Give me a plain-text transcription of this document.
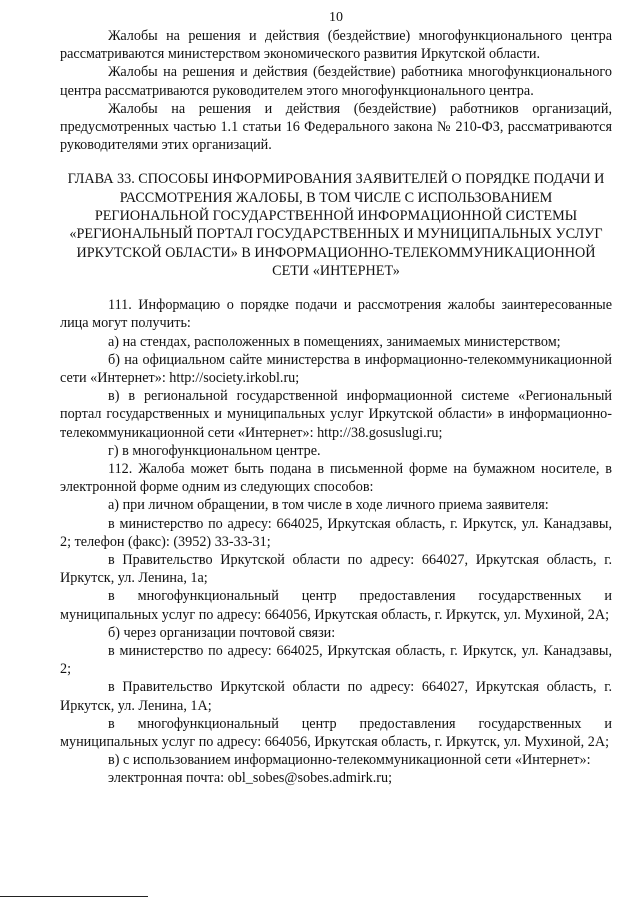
10

Жалобы на решения и действия (бездействие) многофункционального центра рассматриваются министерством экономического развития Иркутской области.

Жалобы на решения и действия (бездействие) работника многофункционального центра рассматриваются руководителем этого многофункционального центра.

Жалобы на решения и действия (бездействие) работников организаций, предусмотренных частью 1.1 статьи 16 Федерального закона № 210-ФЗ, рассматриваются руководителями этих организаций.

ГЛАВА 33. СПОСОБЫ ИНФОРМИРОВАНИЯ ЗАЯВИТЕЛЕЙ О ПОРЯДКЕ ПОДАЧИ И РАССМОТРЕНИЯ ЖАЛОБЫ, В ТОМ ЧИСЛЕ С ИСПОЛЬЗОВАНИЕМ РЕГИОНАЛЬНОЙ ГОСУДАРСТВЕННОЙ ИНФОРМАЦИОННОЙ СИСТЕМЫ «РЕГИОНАЛЬНЫЙ ПОРТАЛ ГОСУДАРСТВЕННЫХ И МУНИЦИПАЛЬНЫХ УСЛУГ ИРКУТСКОЙ ОБЛАСТИ» В ИНФОРМАЦИОННО-ТЕЛЕКОММУНИКАЦИОННОЙ СЕТИ «ИНТЕРНЕТ»

111. Информацию о порядке подачи и рассмотрения жалобы заинтересованные лица могут получить:

а) на стендах, расположенных в помещениях, занимаемых министерством;

б) на официальном сайте министерства в информационно-телекоммуникационной сети «Интернет»: http://society.irkobl.ru;

в) в региональной государственной информационной системе «Региональный портал государственных и муниципальных услуг Иркутской области» в информационно-телекоммуникационной сети «Интернет»: http://38.gosuslugi.ru;

г) в многофункциональном центре.

112. Жалоба может быть подана в письменной форме на бумажном носителе, в электронной форме одним из следующих способов:

а) при личном обращении, в том числе в ходе личного приема заявителя:

в министерство по адресу: 664025, Иркутская область, г. Иркутск, ул. Канадзавы, 2; телефон (факс): (3952) 33-33-31;

в Правительство Иркутской области по адресу: 664027, Иркутская область, г. Иркутск, ул. Ленина, 1а;

в многофункциональный центр предоставления государственных и муниципальных услуг по адресу: 664056, Иркутская область, г. Иркутск, ул. Мухиной, 2А;

б) через организации почтовой связи:

в министерство по адресу: 664025, Иркутская область, г. Иркутск, ул. Канадзавы, 2;

в Правительство Иркутской области по адресу: 664027, Иркутская область, г. Иркутск, ул. Ленина, 1А;

в многофункциональный центр предоставления государственных и муниципальных услуг по адресу: 664056, Иркутская область, г. Иркутск, ул. Мухиной, 2А;

в) с использованием информационно-телекоммуникационной сети «Интернет»:

электронная почта: obl_sobes@sobes.admirk.ru;
